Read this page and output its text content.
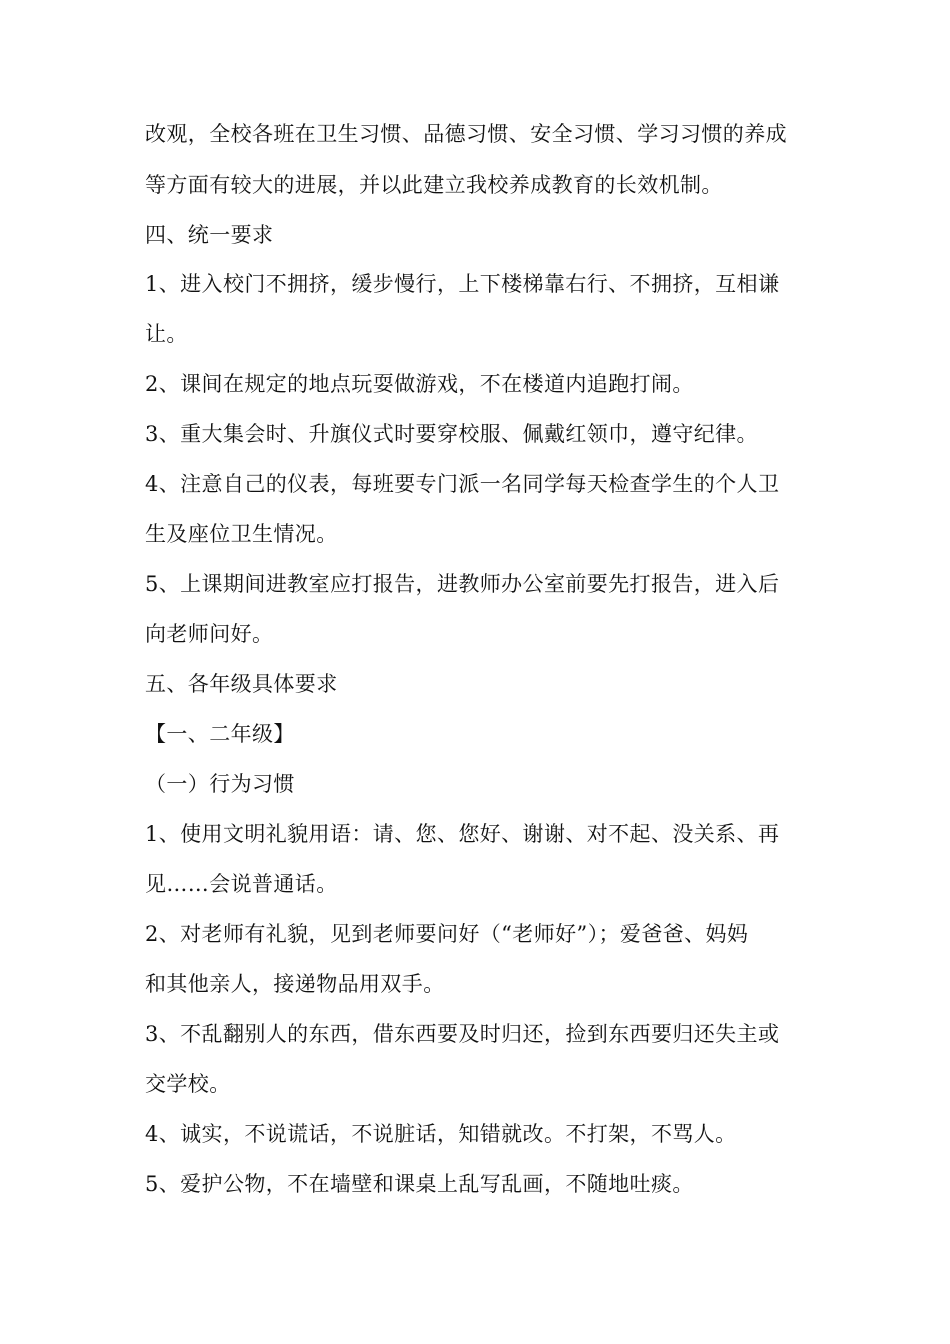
改观，全校各班在卫生习惯、品德习惯、安全习惯、学习习惯的养成
等方面有较大的进展，并以此建立我校养成教育的长效机制。
四、统一要求
1、进入校门不拥挤，缓步慢行，上下楼梯靠右行、不拥挤，互相谦
让。
2、课间在规定的地点玩耍做游戏，不在楼道内追跑打闹。
3、重大集会时、升旗仪式时要穿校服、佩戴红领巾，遵守纪律。
4、注意自己的仪表，每班要专门派一名同学每天检查学生的个人卫
生及座位卫生情况。
5、上课期间进教室应打报告，进教师办公室前要先打报告，进入后
向老师问好。
五、各年级具体要求
【一、二年级】
（一）行为习惯
1、使用文明礼貌用语：请、您、您好、谢谢、对不起、没关系、再
见……会说普通话。
2、对老师有礼貌，见到老师要问好（“老师好”）；爱爸爸、妈妈
和其他亲人，接递物品用双手。
3、不乱翻别人的东西，借东西要及时归还，捡到东西要归还失主或
交学校。
4、诚实，不说谎话，不说脏话，知错就改。不打架，不骂人。
5、爱护公物，不在墙壁和课桌上乱写乱画，不随地吐痰。
